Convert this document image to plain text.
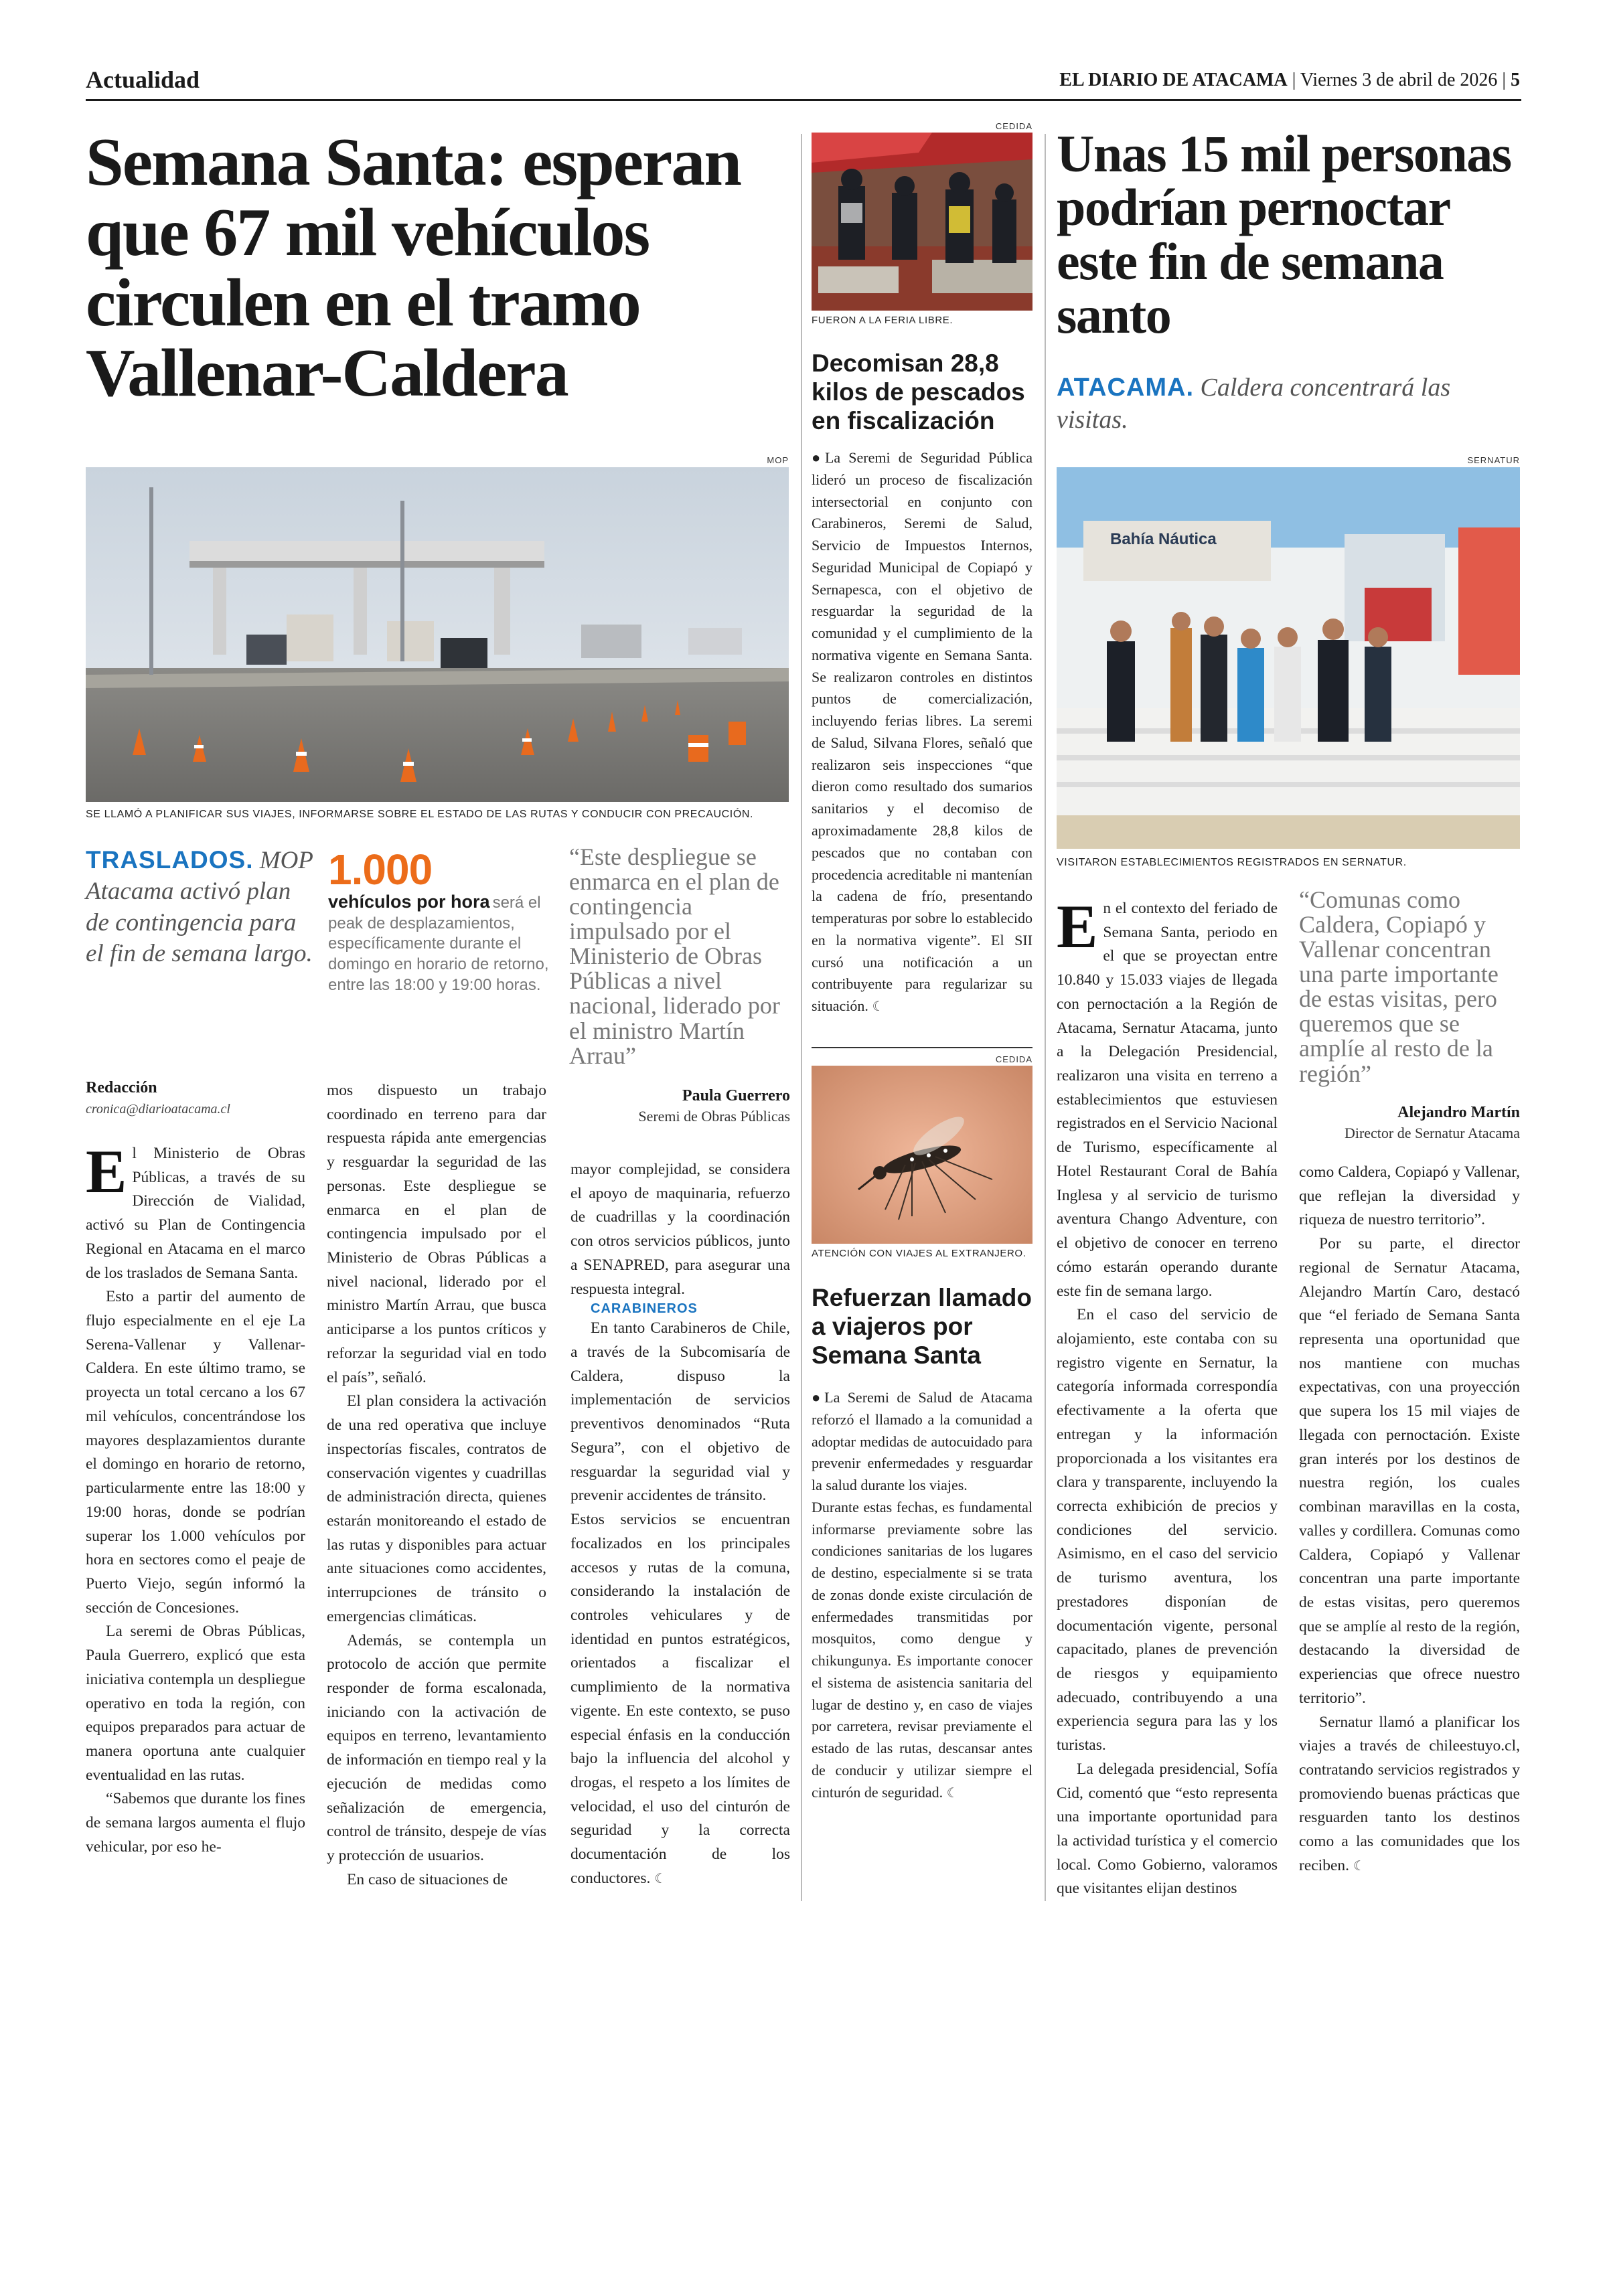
Actualidad	EL DIARIO DE ATACAMA | Viernes 3 de abril de 2026 | 5
Semana Santa: esperan que 67 mil vehículos circulen en el tramo Vallenar-Caldera
MOP
SE LLAMÓ A PLANIFICAR SUS VIAJES, INFORMARSE SOBRE EL ESTADO DE LAS RUTAS Y CONDUCIR CON PRECAUCIÓN.
TRASLADOS. MOP Atacama activó plan de contingencia para el fin de semana largo.
Redacción
cronica@diarioatacama.cl
1.000
vehículos por hora será el peak de desplazamientos, específicamente durante el domingo en horario de retorno, entre las 18:00 y 19:00 horas.
“Este despliegue se enmarca en el plan de contingencia impulsado por el Ministerio de Obras Públicas a nivel nacional, liderado por el ministro Martín Arrau”
Paula Guerrero
Seremi de Obras Públicas

El Ministerio de Obras Públicas, a través de su Dirección de Vialidad, activó su Plan de Contingencia Regional en Atacama en el marco de los traslados de Semana Santa.

Esto a partir del aumento de flujo especialmente en el eje La Serena-Vallenar y Vallenar-Caldera. En este último tramo, se proyecta un total cercano a los 67 mil vehículos, concentrándose los mayores desplazamientos durante el domingo en horario de retorno, particularmente entre las 18:00 y 19:00 horas, donde se podrían superar los 1.000 vehículos por hora en sectores como el peaje de Puerto Viejo, según informó la sección de Concesiones.

La seremi de Obras Públicas, Paula Guerrero, explicó que esta iniciativa contempla un despliegue operativo en toda la región, con equipos preparados para actuar de manera oportuna ante cualquier eventualidad en las rutas.

“Sabemos que durante los fines de semana largos aumenta el flujo vehicular, por eso he-

mos dispuesto un trabajo coordinado en terreno para dar respuesta rápida ante emergencias y resguardar la seguridad de las personas. Este despliegue se enmarca en el plan de contingencia impulsado por el Ministerio de Obras Públicas a nivel nacional, liderado por el ministro Martín Arrau, que busca anticiparse a los puntos críticos y reforzar la seguridad vial en todo el país”, señaló.

El plan considera la activación de una red operativa que incluye inspectorías fiscales, contratos de conservación vigentes y cuadrillas de administración directa, quienes estarán monitoreando el estado de las rutas y disponibles para actuar ante situaciones como accidentes, interrupciones de tránsito o emergencias climáticas.

Además, se contempla un protocolo de acción que permite responder de forma escalonada, iniciando con la activación de equipos en terreno, levantamiento de información en tiempo real y la ejecución de medidas como señalización de emergencia, control de tránsito, despeje de vías y protección de usuarios.

En caso de situaciones de

mayor complejidad, se considera el apoyo de maquinaria, refuerzo de cuadrillas y la coordinación con otros servicios públicos, junto a SENAPRED, para asegurar una respuesta integral.

CARABINEROS

En tanto Carabineros de Chile, a través de la Subcomisaría de Caldera, dispuso la implementación de servicios preventivos denominados “Ruta Segura”, con el objetivo de resguardar la seguridad vial y prevenir accidentes de tránsito.

Estos servicios se encuentran focalizados en los principales accesos y rutas de la comuna, considerando la instalación de controles vehiculares y de identidad en puntos estratégicos, orientados a fiscalizar el cumplimiento de la normativa vigente. En este contexto, se puso especial énfasis en la conducción bajo la influencia del alcohol y drogas, el respeto a los límites de velocidad, el uso del cinturón de seguridad y la correcta documentación de los conductores. ☾

CEDIDA
FUERON A LA FERIA LIBRE.
Decomisan 28,8 kilos de pescados en fiscalización

●La Seremi de Seguridad Pública lideró un proceso de fiscalización intersectorial en conjunto con Carabineros, Seremi de Salud, Servicio de Impuestos Internos, Seguridad Municipal de Copiapó y Sernapesca, con el objetivo de resguardar la seguridad de la comunidad y el cumplimiento de la normativa vigente en Semana Santa. Se realizaron controles en distintos puntos de comercialización, incluyendo ferias libres. La seremi de Salud, Silvana Flores, señaló que realizaron seis inspecciones “que dieron como resultado dos sumarios sanitarios y el decomiso de aproximadamente 28,8 kilos de pescados que no contaban con procedencia acreditable ni mantenían la cadena de frío, presentando temperaturas por sobre lo establecido en la normativa vigente”. El SII cursó una notificación a un contribuyente para regularizar su situación. ☾

CEDIDA
ATENCIÓN CON VIAJES AL EXTRANJERO.
Refuerzan llamado a viajeros por Semana Santa

●La Seremi de Salud de Atacama reforzó el llamado a la comunidad a adoptar medidas de autocuidado para prevenir enfermedades y resguardar la salud durante los viajes.

Durante estas fechas, es fundamental informarse previamente sobre las condiciones sanitarias de los lugares de destino, especialmente si se trata de zonas donde existe circulación de enfermedades transmitidas por mosquitos, como dengue y chikungunya. Es importante conocer el sistema de asistencia sanitaria del lugar de destino y, en caso de viajes por carretera, revisar previamente el estado de las rutas, descansar antes de conducir y utilizar siempre el cinturón de seguridad. ☾

Unas 15 mil personas podrían pernoctar este fin de semana santo
ATACAMA. Caldera concentrará las visitas.
SERNATUR
Bahía Náutica
VISITARON ESTABLECIMIENTOS REGISTRADOS EN SERNATUR.

En el contexto del feriado de Semana Santa, periodo en el que se proyectan entre 10.840 y 15.033 viajes de llegada con pernoctación a la Región de Atacama, Sernatur Atacama, junto a la Delegación Presidencial, realizaron una visita en terreno a establecimientos que estuviesen registrados en el Servicio Nacional de Turismo, específicamente al Hotel Restaurant Coral de Bahía Inglesa y al servicio de turismo aventura Chango Adventure, con el objetivo de conocer en terreno cómo estarán operando durante este fin de semana largo.

En el caso del servicio de alojamiento, este contaba con su registro vigente en Sernatur, la categoría informada correspondía efectivamente a la oferta que entregan y la información proporcionada a los visitantes era clara y transparente, incluyendo la correcta exhibición de precios y condiciones del servicio. Asimismo, en el caso del servicio de turismo aventura, los prestadores disponían de documentación vigente, personal capacitado, planes de prevención de riesgos y equipamiento adecuado, contribuyendo a una experiencia segura para las y los turistas.

La delegada presidencial, Sofía Cid, comentó que “esto representa una importante oportunidad para la actividad turística y el comercio local. Como Gobierno, valoramos que visitantes elijan destinos

“Comunas como Caldera, Copiapó y Vallenar concentran una parte importante de estas visitas, pero queremos que se amplíe al resto de la región”
Alejandro Martín
Director de Sernatur Atacama

como Caldera, Copiapó y Vallenar, que reflejan la diversidad y riqueza de nuestro territorio”.

Por su parte, el director regional de Sernatur Atacama, Alejandro Martín Caro, destacó que “el feriado de Semana Santa representa una oportunidad que nos mantiene con muchas expectativas, con una proyección que supera los 15 mil viajes de llegada con pernoctación. Existe gran interés por los destinos de nuestra región, los cuales combinan maravillas en la costa, valles y cordillera. Comunas como Caldera, Copiapó y Vallenar concentran una parte importante de estas visitas, pero queremos que se amplíe al resto de la región, destacando la diversidad de experiencias que ofrece nuestro territorio”.

Sernatur llamó a planificar los viajes a través de chileestuyo.cl, contratando servicios registrados y promoviendo buenas prácticas que resguarden tanto los destinos como a las comunidades que los reciben. ☾
